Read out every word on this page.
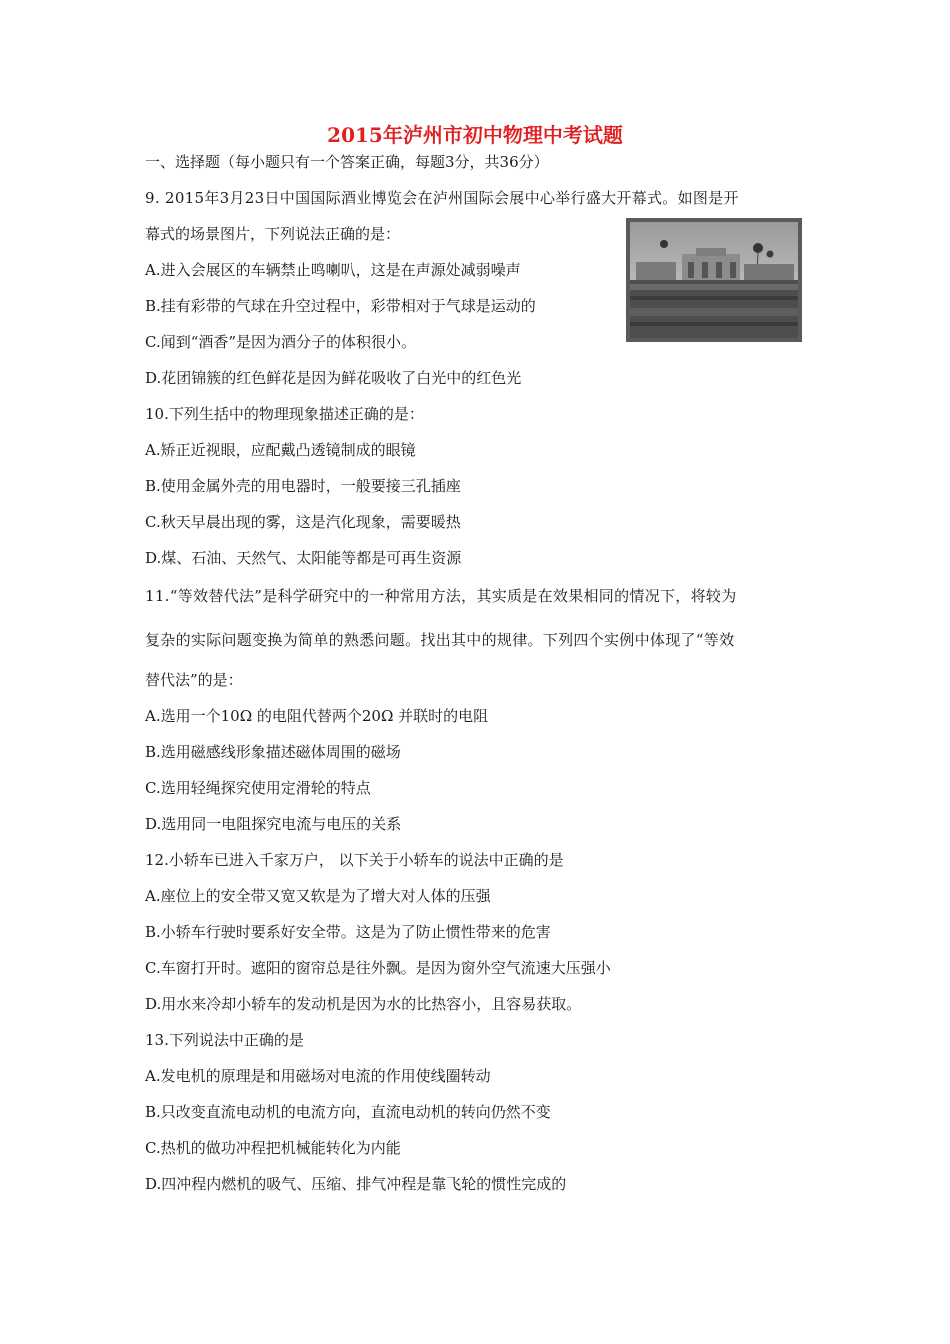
2015年泸州市初中物理中考试题
一、选择题（每小题只有一个答案正确，每题3分，共36分）
9. 2015年3月23日中国国际酒业博览会在泸州国际会展中心举行盛大开幕式。如图是开
幕式的场景图片，下列说法正确的是：
A.进入会展区的车辆禁止鸣喇叭，这是在声源处减弱噪声
B.挂有彩带的气球在升空过程中，彩带相对于气球是运动的
C.闻到“酒香”是因为酒分子的体积很小。
D.花团锦簇的红色鲜花是因为鲜花吸收了白光中的红色光
10.下列生括中的物理现象描述正确的是：
A.矫正近视眼，应配戴凸透镜制成的眼镜
B.使用金属外壳的用电器时，一般要接三孔插座
C.秋天早晨出现的雾，这是汽化现象，需要暖热
D.煤、石油、天然气、太阳能等都是可再生资源
11.“等效替代法”是科学研究中的一种常用方法，其实质是在效果相同的情况下，将较为
复杂的实际问题变换为简单的熟悉问题。找出其中的规律。下列四个实例中体现了“等效
替代法”的是：
A.选用一个10Ω 的电阻代替两个20Ω 并联时的电阻
B.选用磁感线形象描述磁体周围的磁场
C.选用轻绳探究使用定滑轮的特点
D.选用同一电阻探究电流与电压的关系
12.小轿车已进入千家万户， 以下关于小轿车的说法中正确的是
A.座位上的安全带又宽又软是为了增大对人体的压强
B.小轿车行驶时要系好安全带。这是为了防止惯性带来的危害
C.车窗打开时。遮阳的窗帘总是往外飘。是因为窗外空气流速大压强小
D.用水来冷却小轿车的发动机是因为水的比热容小，且容易获取。
13.下列说法中正确的是
A.发电机的原理是和用磁场对电流的作用使线圈转动
B.只改变直流电动机的电流方向，直流电动机的转向仍然不变
C.热机的做功冲程把机械能转化为内能
D.四冲程内燃机的吸气、压缩、排气冲程是靠飞轮的惯性完成的
